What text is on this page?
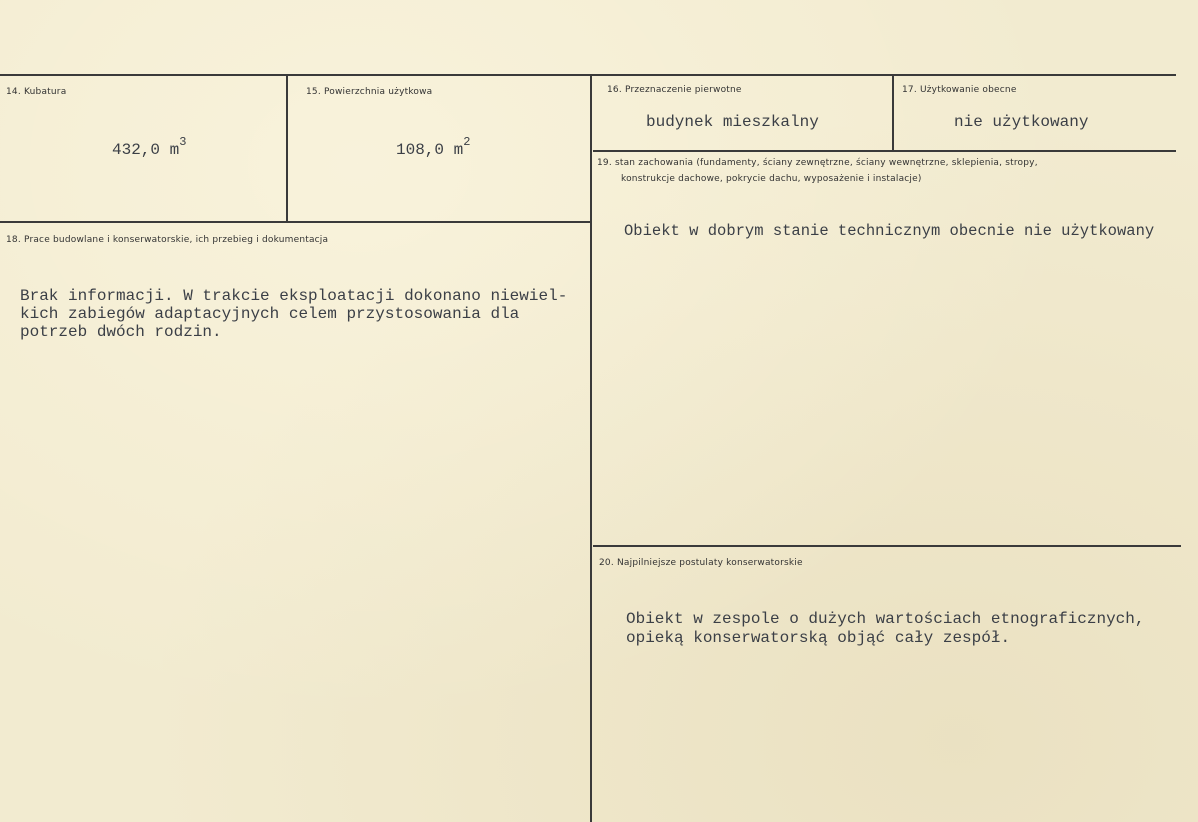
14. Kubatura
432,0 $m^3$
15. Powierzchnia użytkowa
108,0 $m^2$
16. Przeznaczenie pierwotne
budynek mieszkalny
17. Użytkowanie obecne
nie użytkowany
18. Prace budowlane i konserwatorskie, ich przebieg i dokumentacja
Brak informacji. W trakcie eksploatacji dokonano niewiel-
kich zabiegów adaptacyjnych celem przystosowania dla
potrzeb dwóch rodzin.
19. stan zachowania (fundamenty, ściany zewnętrzne, ściany wewnętrzne, sklepienia, stropy,
konstrukcje dachowe, pokrycie dachu, wyposażenie i instalacje)
Obiekt w dobrym stanie technicznym obecnie nie użytkowany
20. Najpilniejsze postulaty konserwatorskie
Obiekt w zespole o dużych wartościach etnograficznych,
opieką konserwatorską objąć cały zespół.
